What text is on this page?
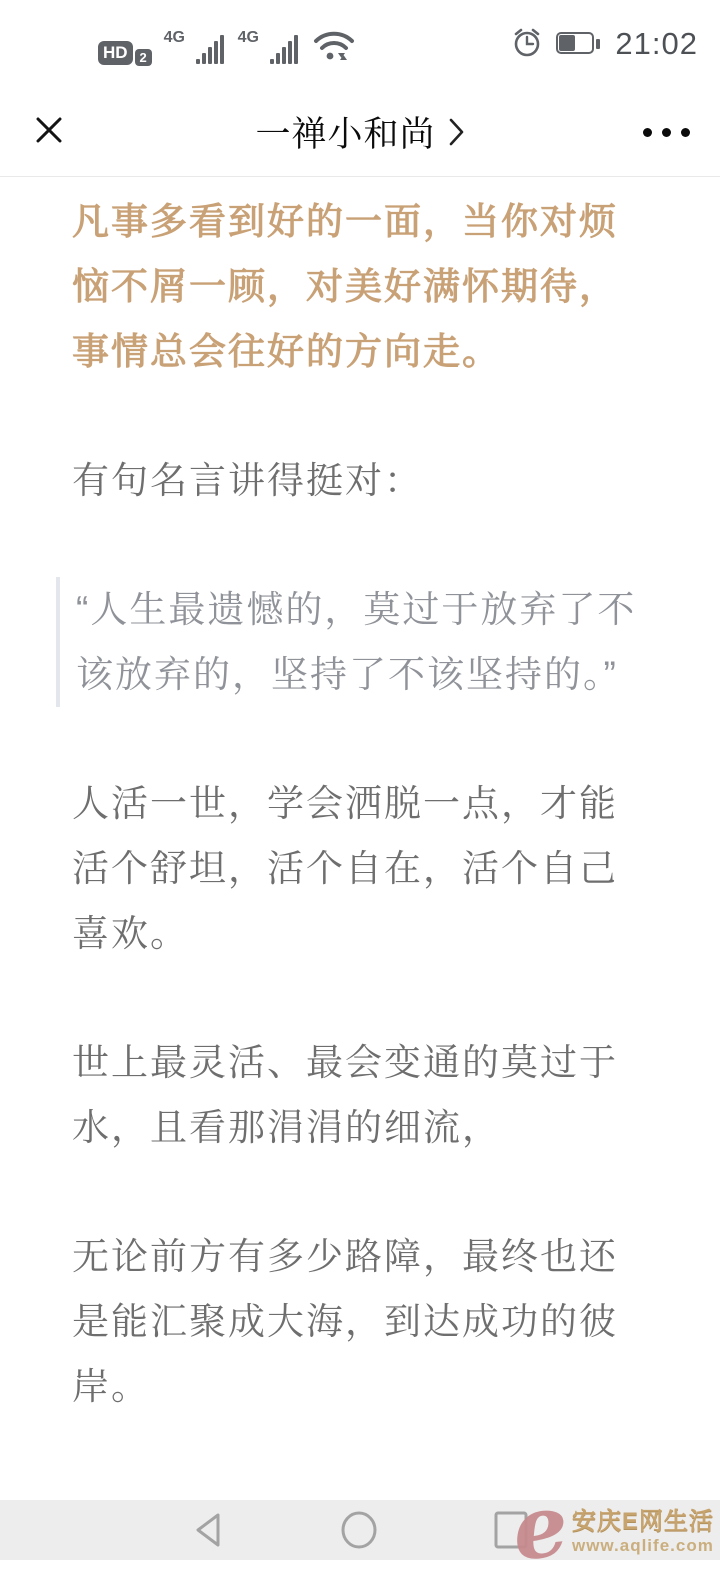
HD 2
4G	4G	21:02
一禅小和尚

凡事多看到好的一面，当你对烦恼不屑一顾，对美好满怀期待，事情总会往好的方向走。

有句名言讲得挺对：

“人生最遗憾的，莫过于放弃了不该放弃的，坚持了不该坚持的。”

人活一世，学会洒脱一点，才能活个舒坦，活个自在，活个自己喜欢。

世上最灵活、最会变通的莫过于水，且看那涓涓的细流，

无论前方有多少路障，最终也还是能汇聚成大海，到达成功的彼岸。

e
安庆E网生活
www.aqlife.com
